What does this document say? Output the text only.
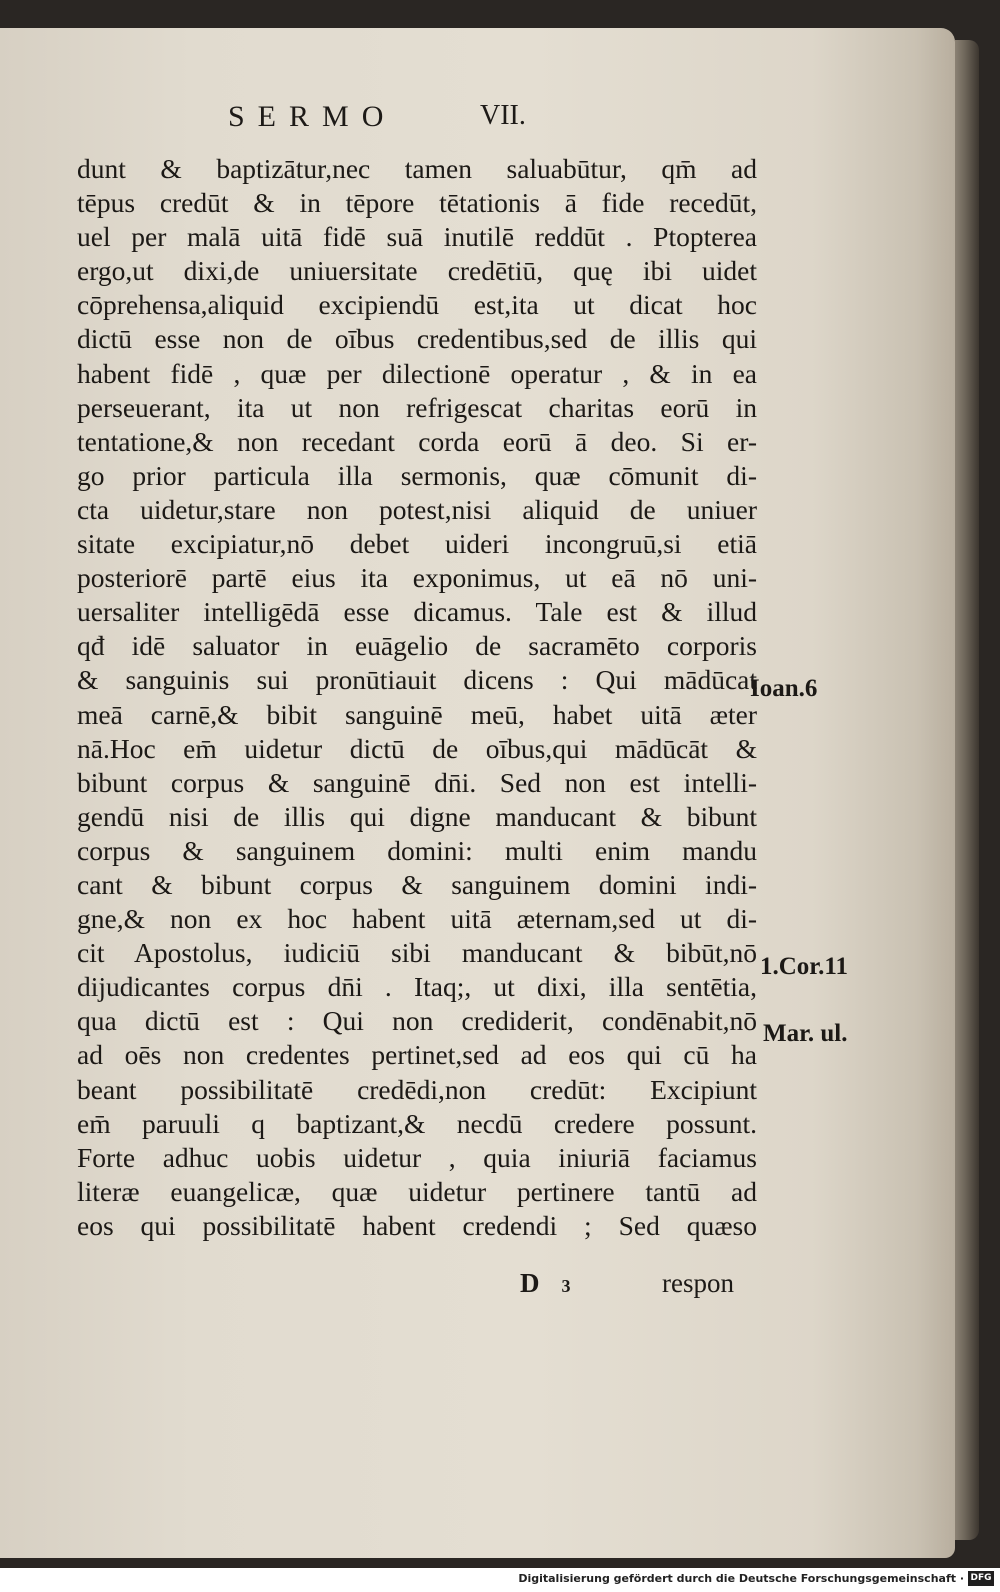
SERMO	VII.
dunt & baptizātur,nec tamen saluabūtur, qm̄ ad
tēpus credūt & in tēpore tētationis ā fide recedūt,
uel per malā uitā fidē suā inutilē reddūt . Ptopterea
ergo,ut dixi,de uniuersitate credētiū, quę ibi uidet
cōprehensa,aliquid excipiendū est,ita ut dicat hoc
dictū esse non de oībus credentibus,sed de illis qui
habent fidē , quæ per dilectionē operatur , & in ea
perseuerant, ita ut non refrigescat charitas eorū in
tentatione,& non recedant corda eorū ā deo. Si er-
go prior particula illa sermonis, quæ cōmunit di-
cta uidetur,stare non potest,nisi aliquid de uniuer
sitate excipiatur,nō debet uideri incongruū,si etiā
posteriorē partē eius ita exponimus, ut eā nō uni-
uersaliter intelligēdā esse dicamus. Tale est & illud
qđ idē saluator in euāgelio de sacramēto corporis
& sanguinis sui pronūtiauit dicens : Qui mādūcat
meā carnē,& bibit sanguinē meū, habet uitā æter
nā.Hoc em̄ uidetur dictū de oībus,qui mādūcāt &
bibunt corpus & sanguinē dn̄i. Sed non est intelli-
gendū nisi de illis qui digne manducant & bibunt
corpus & sanguinem domini: multi enim mandu
cant & bibunt corpus & sanguinem domini indi-
gne,& non ex hoc habent uitā æternam,sed ut di-
cit Apostolus, iudiciū sibi manducant & bibūt,nō
dijudicantes corpus dn̄i . Itaq;, ut dixi, illa sentētia,
qua dictū est : Qui non crediderit, condēnabit,nō
ad oēs non credentes pertinet,sed ad eos qui cū ha
beant possibilitatē credēdi,non credūt: Excipiunt
em̄ paruuli q baptizant,& necdū credere possunt.
Forte adhuc uobis uidetur , quia iniuriā faciamus
literæ euangelicæ, quæ uidetur pertinere tantū ad
eos qui possibilitatē habent credendi ; Sed quæso
Ioan.6
1.Cor.11
Mar. ul.
D 3	respon
Digitalisierung gefördert durch die Deutsche Forschungsgemeinschaft · DFG
